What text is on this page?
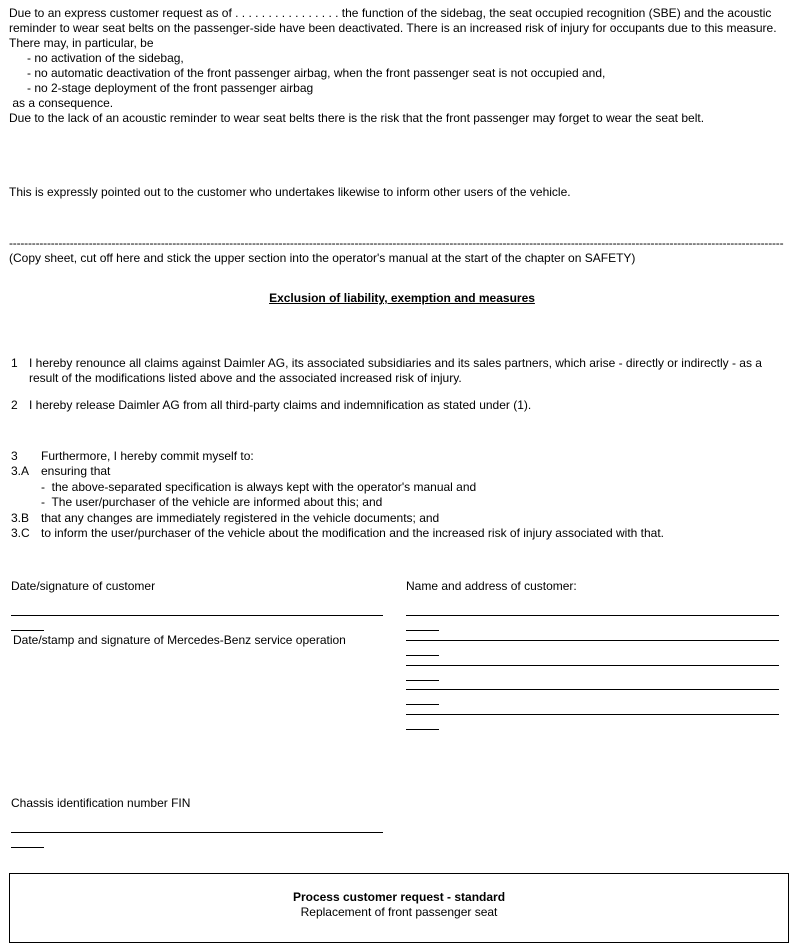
Due to an express customer request as of . . . . . . . . . . . . . . . . the function of the sidebag, the seat occupied recognition (SBE) and the acoustic
reminder to wear seat belts on the passenger-side have been deactivated. There is an increased risk of injury for occupants due to this measure.
There may, in particular, be
- no activation of the sidebag,
- no automatic deactivation of the front passenger airbag, when the front passenger seat is not occupied and,
- no 2-stage deployment of the front passenger airbag
as a consequence.
Due to the lack of an acoustic reminder to wear seat belts there is the risk that the front passenger may forget to wear the seat belt.
This is expressly pointed out to the customer who undertakes likewise to inform other users of the vehicle.
------------------------------------------------------------------------------------------------------------------------------------------------------------------------------------------------------------
(Copy sheet, cut off here and stick the upper section into the operator's manual at the start of the chapter on SAFETY)
Exclusion of liability, exemption and measures
1 I hereby renounce all claims against Daimler AG, its associated subsidiaries and its sales partners, which arise - directly or indirectly - as a
result of the modifications listed above and the associated increased risk of injury.
2 I hereby release Daimler AG from all third-party claims and indemnification as stated under (1).
3 Furthermore, I hereby commit myself to:
3.A ensuring that
-  the above-separated specification is always kept with the operator's manual and
-  The user/purchaser of the vehicle are informed about this; and
3.B that any changes are immediately registered in the vehicle documents; and
3.C to inform the user/purchaser of the vehicle about the modification and the increased risk of injury associated with that.
Date/signature of customer
Date/stamp and signature of Mercedes-Benz service operation
Name and address of customer:
Chassis identification number FIN
Process customer request - standard
Replacement of front passenger seat
